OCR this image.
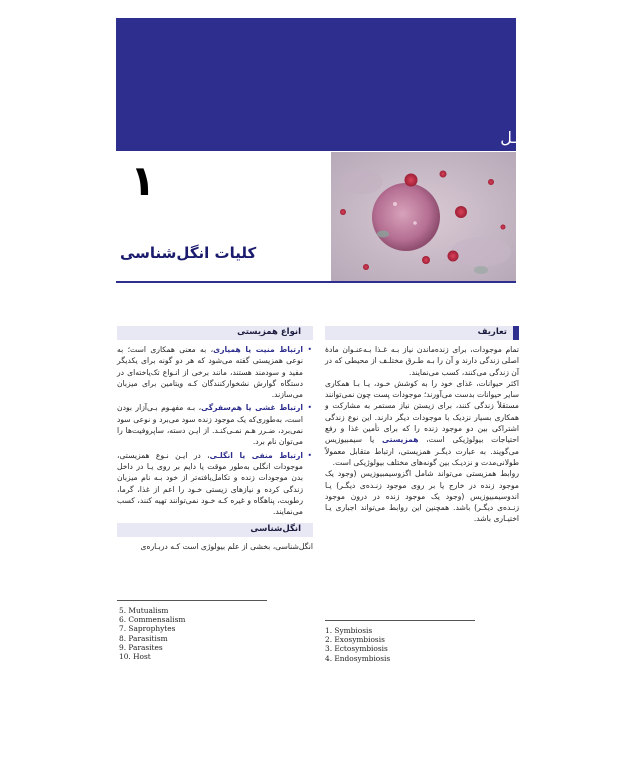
فـصــل
۱
کلیات انگل‌شناسی
تعاریف

تمام موجودات، برای زنده‌ماندن نیاز بـه غـذا بـه‌عنـوان مادهٔ اصلی زندگی دارند و آن را بـه طـرق مختلـف از محیطی که در آن زندگی می‌کنند، کسب می‌نمایند.

اکثر حیوانات، غذای خود را به کوشش خـود، یـا بـا همکاری سایر حیوانات بدست می‌آورند؛ موجودات پست چون نمی‌توانند مستقلاً زندگی کنند، برای زیستن نیاز مستمر به مشارکت و همکاری بسیار نزدیک با موجودات دیگر دارند. این نوع زندگی اشتراکی بین دو موجود زنده را که برای تأمین غذا و رفع احتیاجات بیولوژیکی است، همزیستی یا سیمبیوزیس می‌گویند. به عبارت دیگـر همزیستی، ارتباط متقابل معمولاً طولانی‌مدت و نزدیـک بین گونه‌های مختلف بیولوژیکی است.

روابط همزیستی می‌تواند شامل اگزوسیمبیوزیس (وجود یک موجود زنده در خارج یا بر روی موجود زنـده‌ی دیگـر) یـا اندوسیمبیوزیس (وجود یک موجود زنده در درون موجود زنـده‌ی دیگـر) باشد. همچنین این روابط می‌تواند اجباری یـا اختیـاری باشد.

انواع همزیستی
• ارتباط منیت یا همیاری، به معنی همکاری است؛ به نوعی همزیستی گفته می‌شود که هر دو گونه برای یکدیگر مفید و سودمند هستند، مانند برخی از انـواع تک‌یاخته‌ای در دستگاه گوارش نشخوارکنندگان کـه ویتامین برای میزبان می‌سازند.
• ارتباط غشی یا هم‌سفرگی، بـه مفهـوم بـی‌آزار بودن است، به‌طوری‌که یک موجود زنده سود می‌برد و نوعی سود نمی‌برد، ضـرر هـم نمـی‌کنـد. از ایـن دسته، ساپروفیت‌ها را می‌توان نام برد.
• ارتباط منفی یا انگلـی، در ایـن نـوع همزیستی، موجودات انگلی به‌طور موقت یا دایم بر روی یـا در داخل بدن موجودات زنده و تکامل‌یافته‌تر از خود بـه نام میزبان زندگی کرده و نیازهای زیستی خـود را اعم از غذا، گرما، رطوبت، پناهگاه و غیره کـه خـود نمی‌توانند تهیه کنند، کسب می‌نمایند.
انگل‌شناسی

انگل‌شناسی، بخشی از علم بیولوژی است کـه دربـاره‌ی

5. Mutualism
6. Commensalism
7. Saprophytes
8. Parasitism
9. Parasites
10. Host
1. Symbiosis
2. Exosymbiosis
3. Ectosymbiosis
4. Endosymbiosis
